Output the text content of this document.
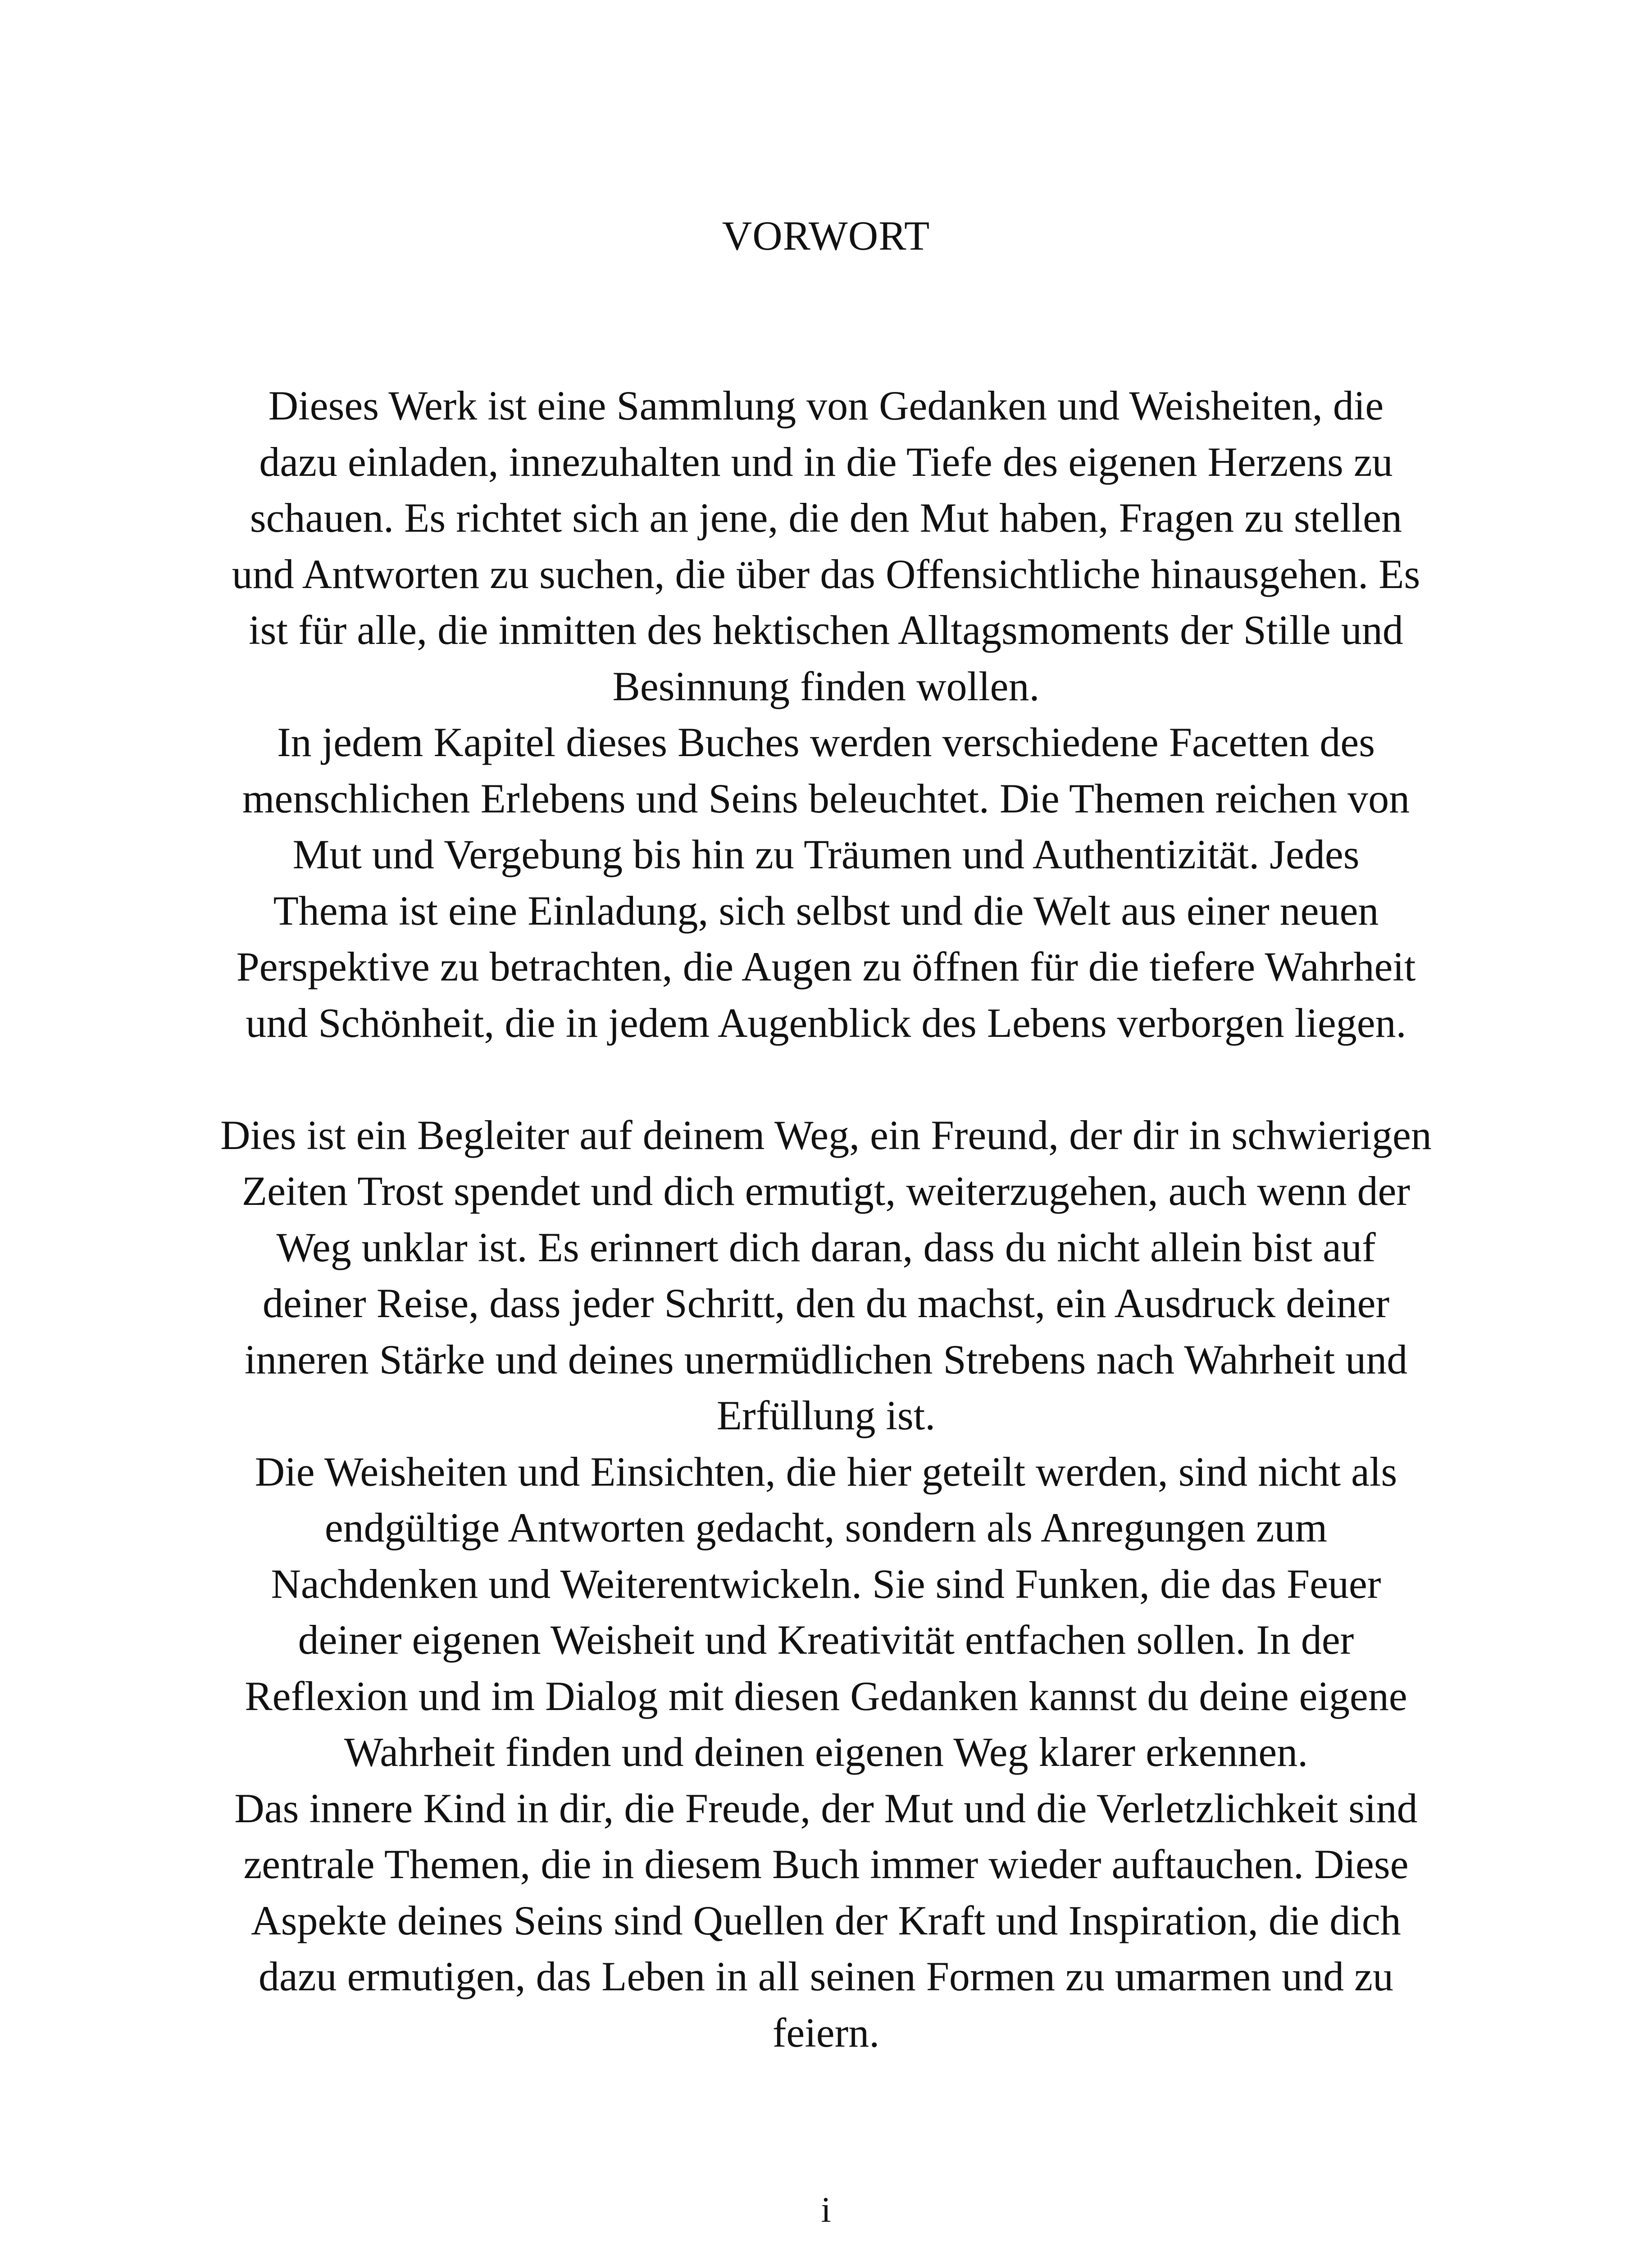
VORWORT

Dieses Werk ist eine Sammlung von Gedanken und Weisheiten, die
dazu einladen, innezuhalten und in die Tiefe des eigenen Herzens zu
schauen. Es richtet sich an jene, die den Mut haben, Fragen zu stellen
und Antworten zu suchen, die über das Offensichtliche hinausgehen. Es
ist für alle, die inmitten des hektischen Alltagsmoments der Stille und
Besinnung finden wollen.

In jedem Kapitel dieses Buches werden verschiedene Facetten des
menschlichen Erlebens und Seins beleuchtet. Die Themen reichen von
Mut und Vergebung bis hin zu Träumen und Authentizität. Jedes
Thema ist eine Einladung, sich selbst und die Welt aus einer neuen
Perspektive zu betrachten, die Augen zu öffnen für die tiefere Wahrheit
und Schönheit, die in jedem Augenblick des Lebens verborgen liegen.

Dies ist ein Begleiter auf deinem Weg, ein Freund, der dir in schwierigen
Zeiten Trost spendet und dich ermutigt, weiterzugehen, auch wenn der
Weg unklar ist. Es erinnert dich daran, dass du nicht allein bist auf
deiner Reise, dass jeder Schritt, den du machst, ein Ausdruck deiner
inneren Stärke und deines unermüdlichen Strebens nach Wahrheit und
Erfüllung ist.

Die Weisheiten und Einsichten, die hier geteilt werden, sind nicht als
endgültige Antworten gedacht, sondern als Anregungen zum
Nachdenken und Weiterentwickeln. Sie sind Funken, die das Feuer
deiner eigenen Weisheit und Kreativität entfachen sollen. In der
Reflexion und im Dialog mit diesen Gedanken kannst du deine eigene
Wahrheit finden und deinen eigenen Weg klarer erkennen.

Das innere Kind in dir, die Freude, der Mut und die Verletzlichkeit sind
zentrale Themen, die in diesem Buch immer wieder auftauchen. Diese
Aspekte deines Seins sind Quellen der Kraft und Inspiration, die dich
dazu ermutigen, das Leben in all seinen Formen zu umarmen und zu
feiern.

i
